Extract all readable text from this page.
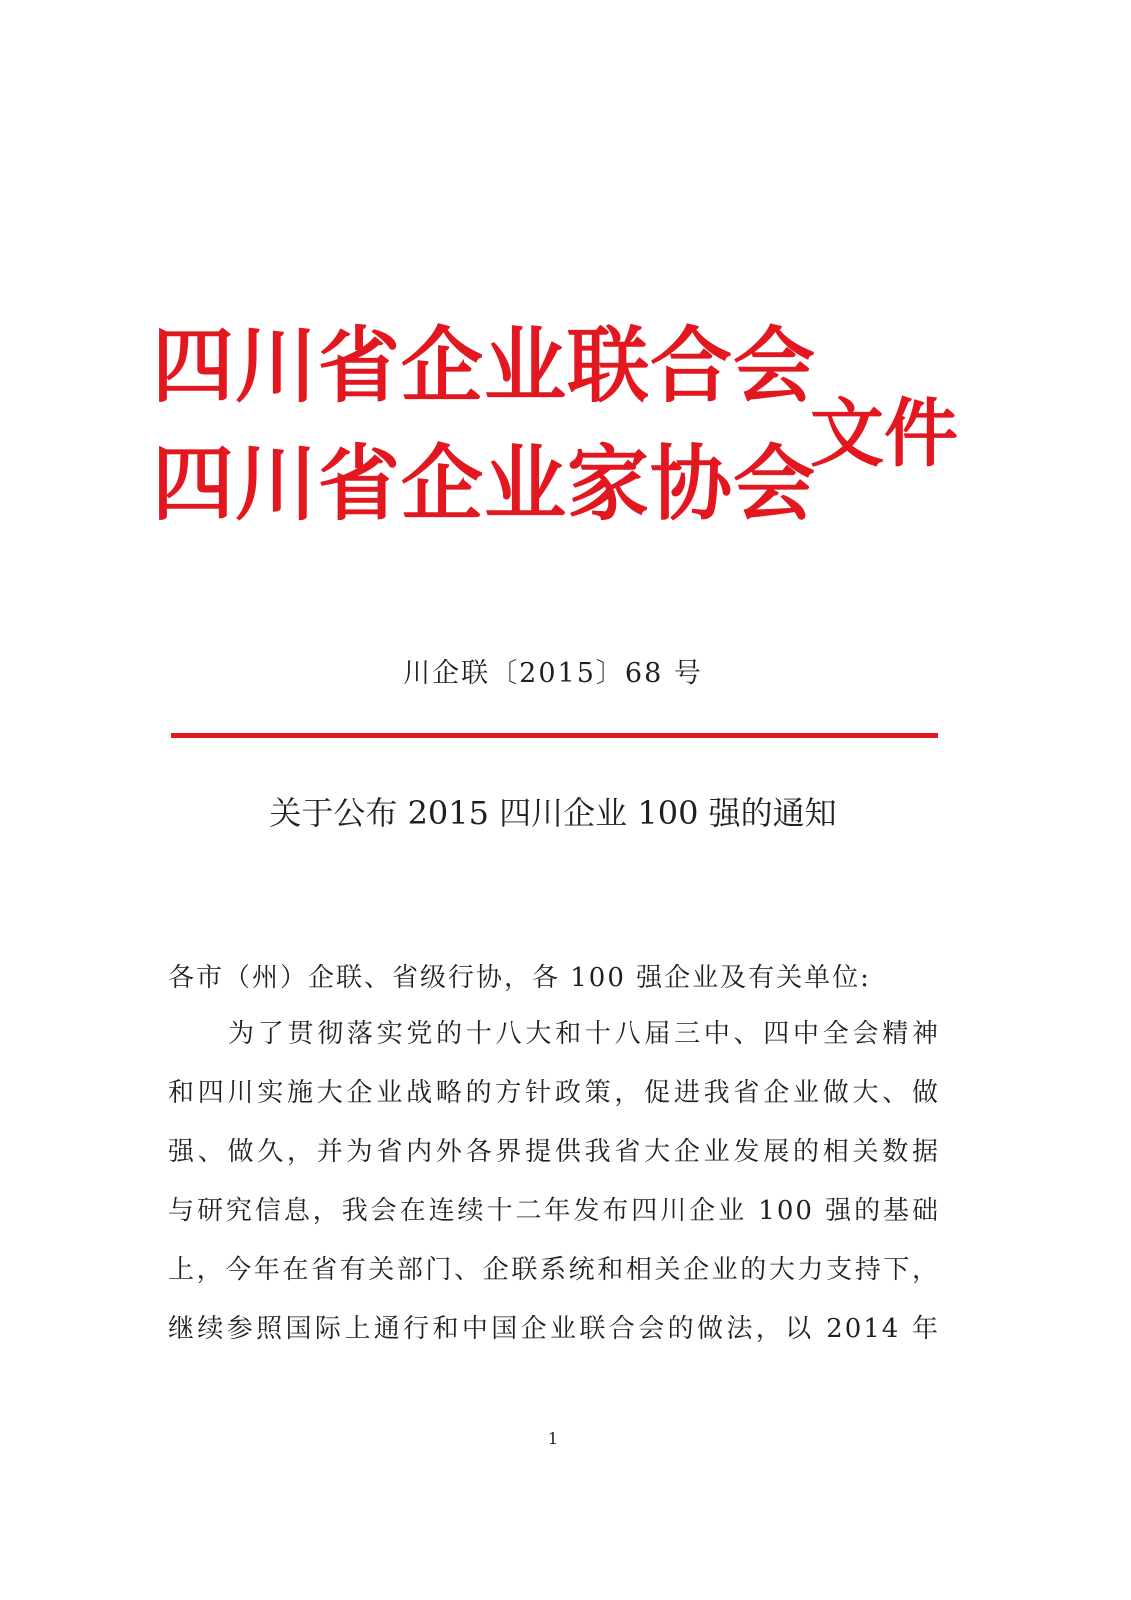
四川省企业联合会
四川省企业家协会
文件
川企联〔2015〕68 号
关于公布 2015 四川企业 100 强的通知
各市（州）企联、省级行协，各 100 强企业及有关单位:
为了贯彻落实党的十八大和十八届三中、四中全会精神
和四川实施大企业战略的方针政策，促进我省企业做大、做
强、做久，并为省内外各界提供我省大企业发展的相关数据
与研究信息，我会在连续十二年发布四川企业 100 强的基础
上，今年在省有关部门、企联系统和相关企业的大力支持下，
继续参照国际上通行和中国企业联合会的做法，以 2014 年
1
